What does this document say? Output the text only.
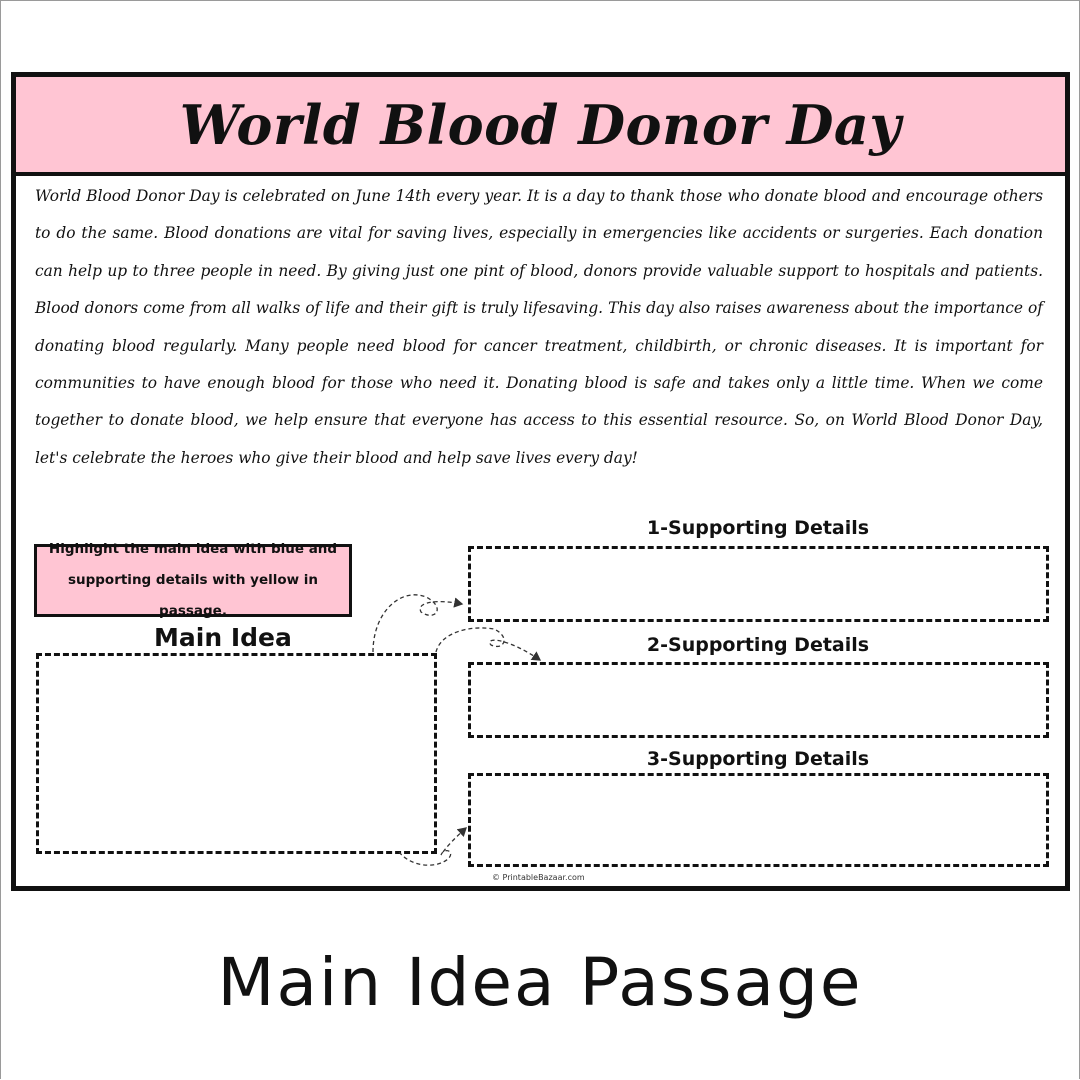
World Blood Donor Day

World Blood Donor Day is celebrated on June 14th every year. It is a day to thank those who donate blood and encourage others to do the same. Blood donations are vital for saving lives, especially in emergencies like accidents or surgeries. Each donation can help up to three people in need. By giving just one pint of blood, donors provide valuable support to hospitals and patients. Blood donors come from all walks of life and their gift is truly lifesaving. This day also raises awareness about the importance of donating blood regularly. Many people need blood for cancer treatment, childbirth, or chronic diseases. It is important for communities to have enough blood for those who need it. Donating blood is safe and takes only a little time. When we come together to donate blood, we help ensure that everyone has access to this essential resource. So, on World Blood Donor Day, let's celebrate the heroes who give their blood and help save lives every day!

Highlight the main idea with blue and
supporting details with yellow in passage.
Main Idea
1-Supporting Details
2-Supporting Details
3-Supporting Details
© PrintableBazaar.com
Main Idea Passage
